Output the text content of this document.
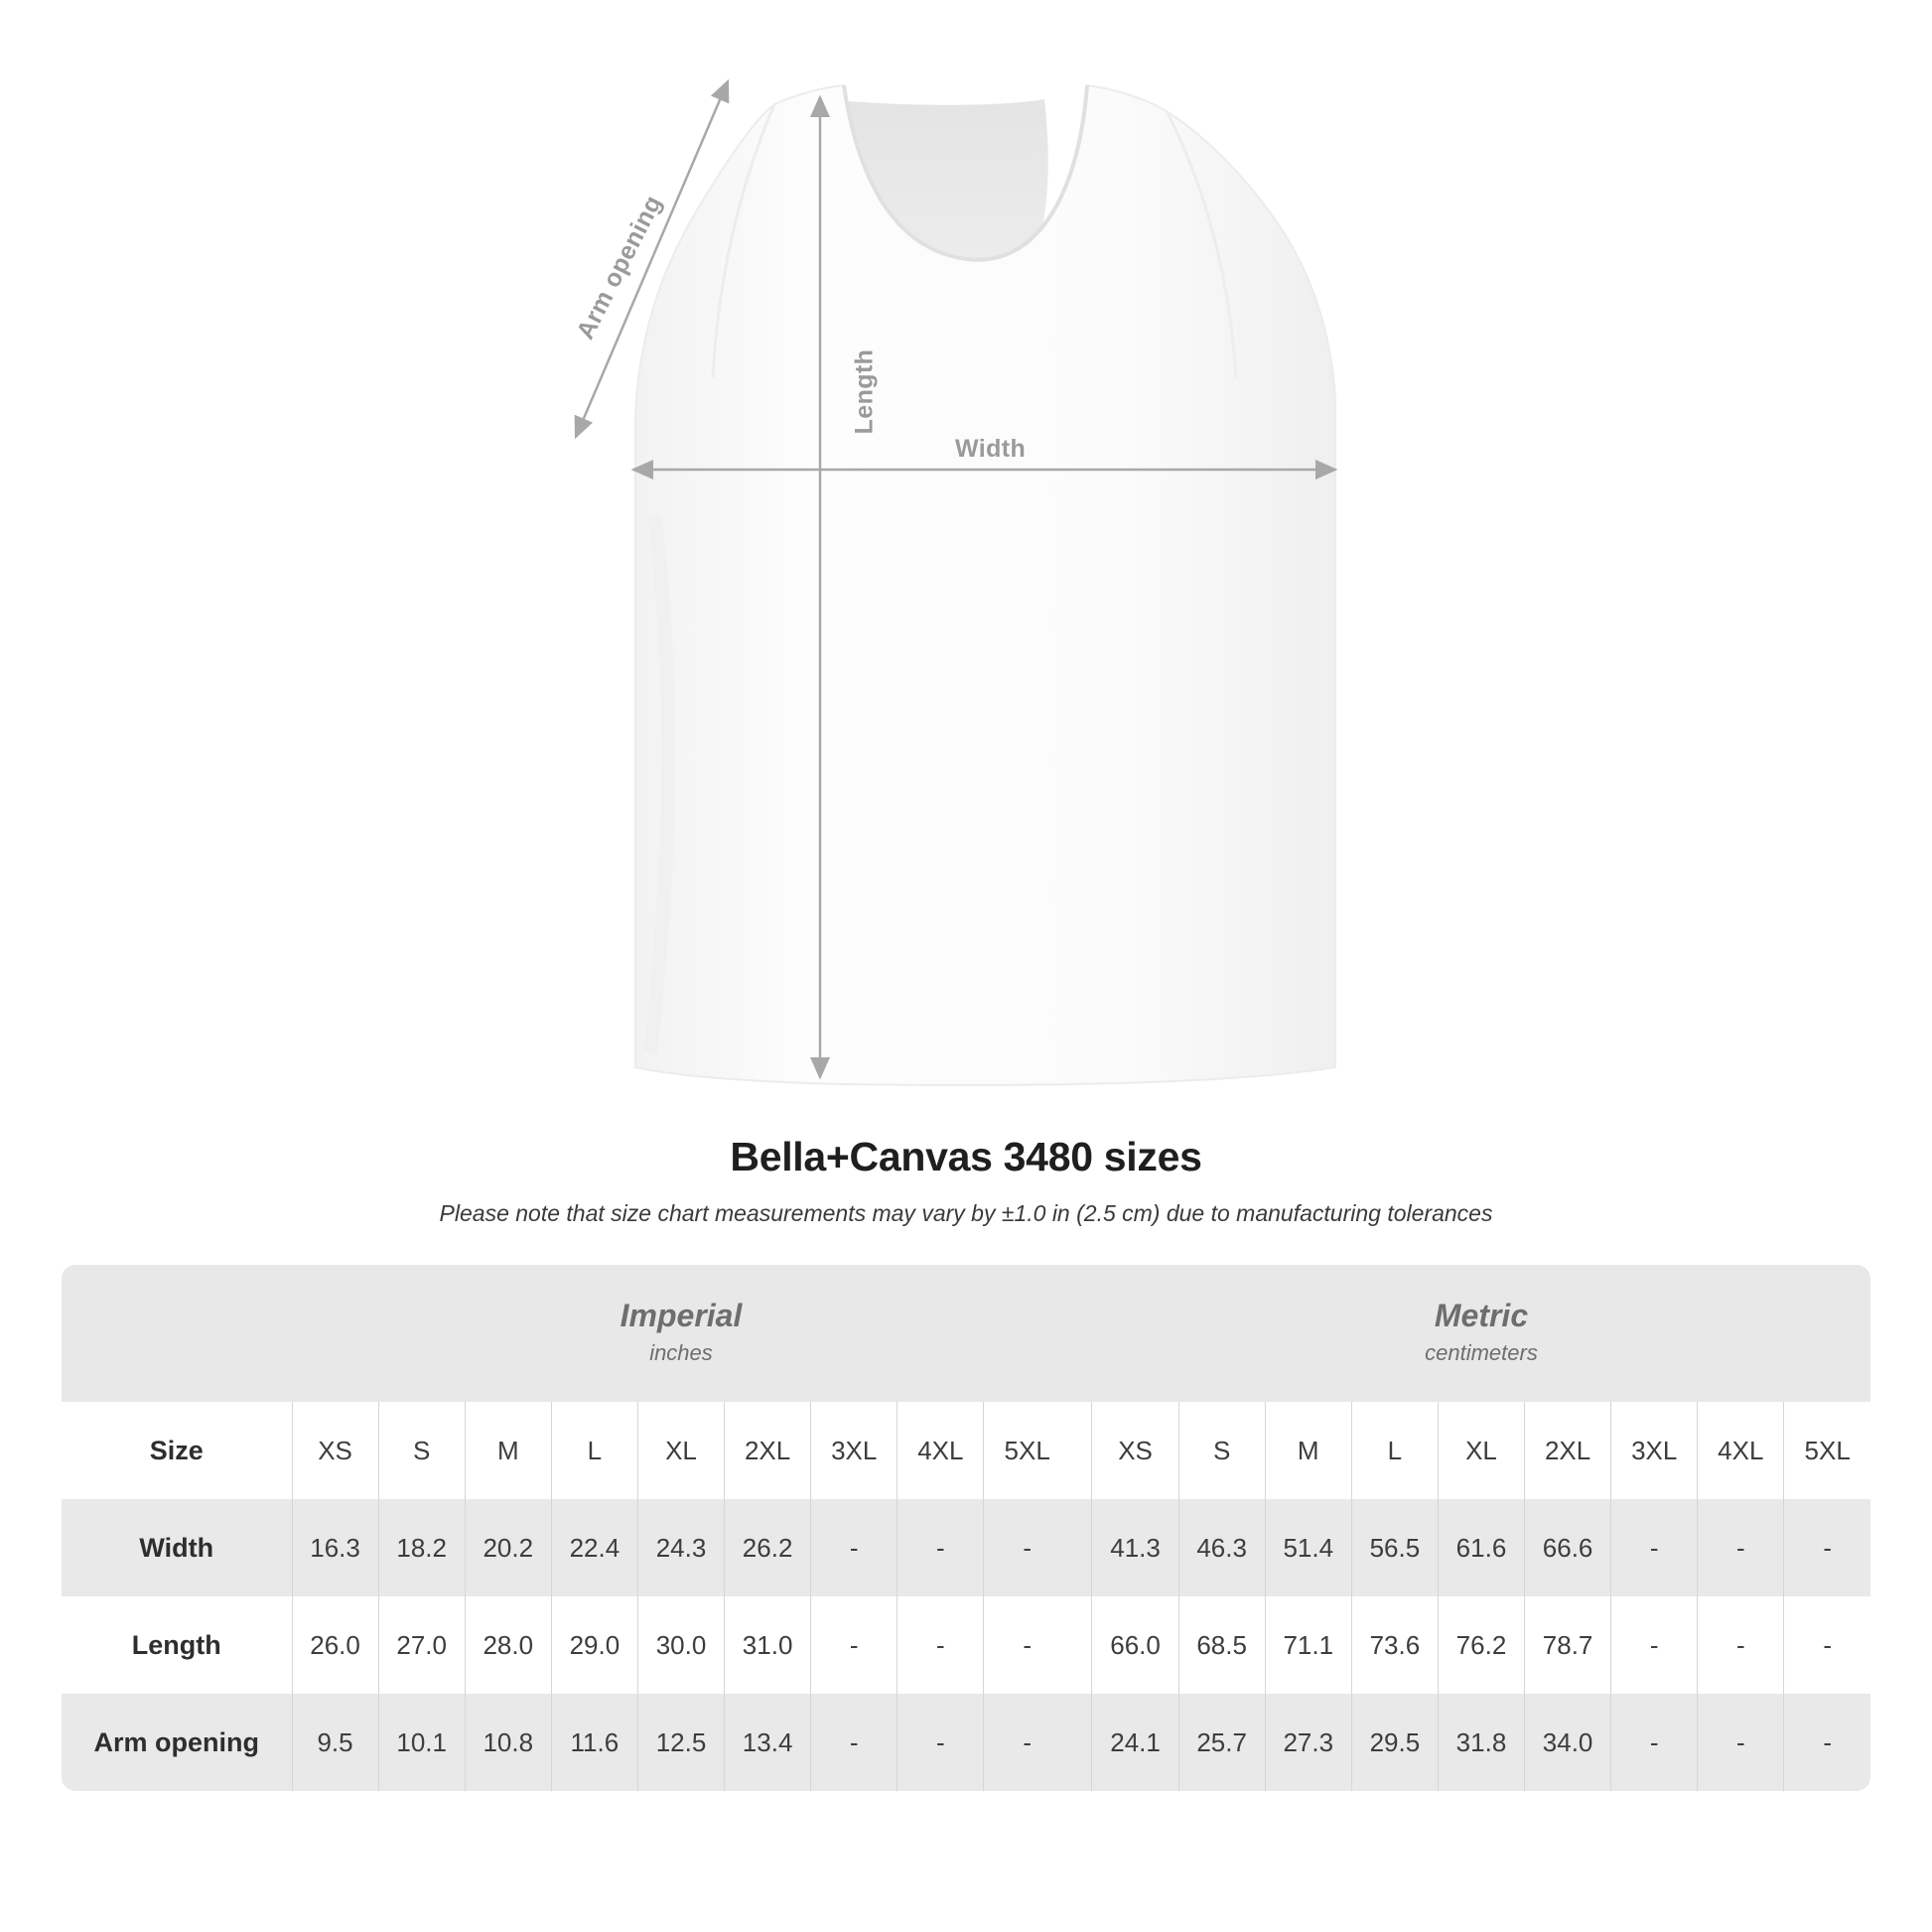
Arm opening
Length
Width
Bella+Canvas 3480 sizes
Please note that size chart measurements may vary by ±1.0 in (2.5 cm) due to manufacturing tolerances

Imperial
inches

Metric
centimeters

Size	XS	S	M	L	XL	2XL	3XL	4XL	5XL		XS	S	M	L	XL	2XL	3XL	4XL	5XL
Width	16.3	18.2	20.2	22.4	24.3	26.2	-	-	-		41.3	46.3	51.4	56.5	61.6	66.6	-	-	-
Length	26.0	27.0	28.0	29.0	30.0	31.0	-	-	-		66.0	68.5	71.1	73.6	76.2	78.7	-	-	-
Arm opening	9.5	10.1	10.8	11.6	12.5	13.4	-	-	-		24.1	25.7	27.3	29.5	31.8	34.0	-	-	-
